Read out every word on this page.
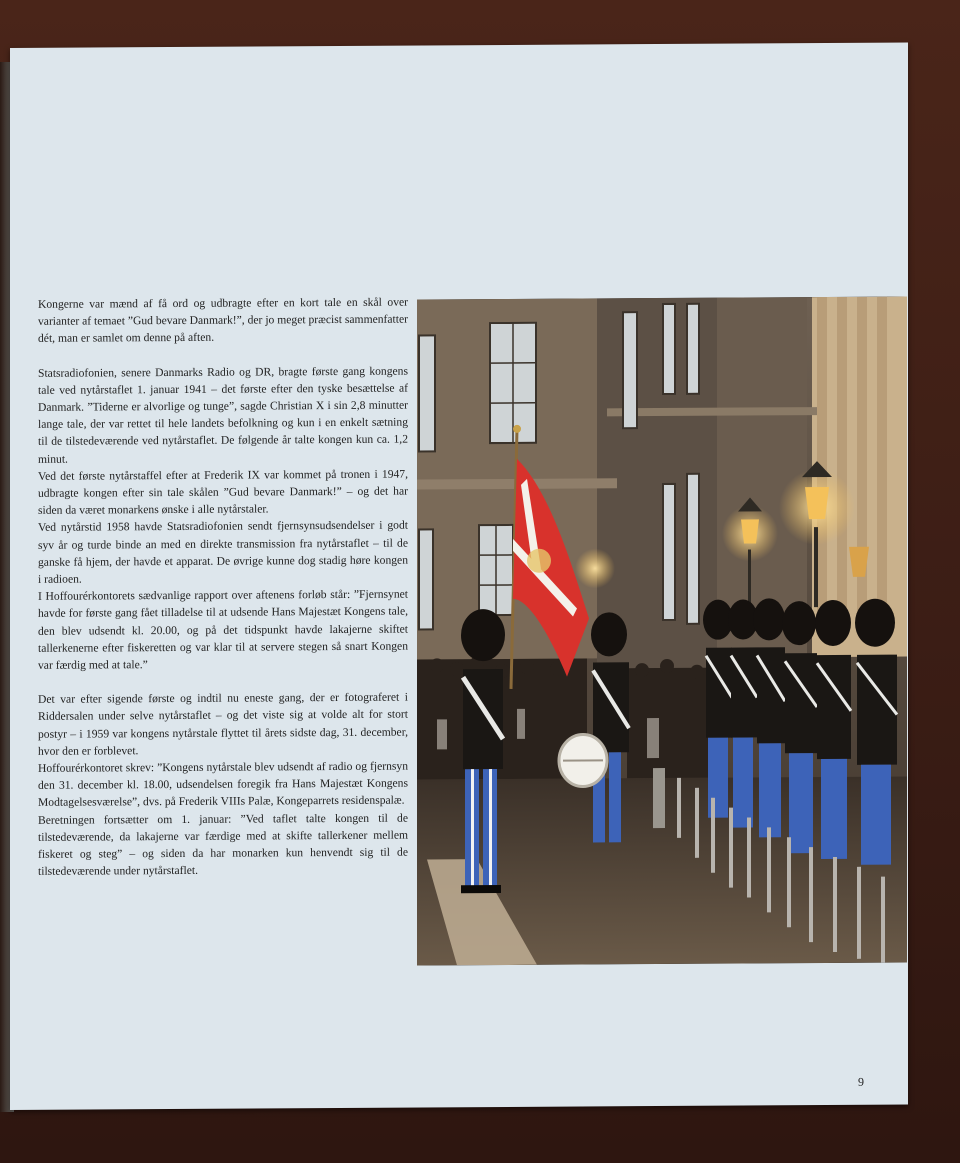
Kongerne var mænd af få ord og udbragte efter en kort tale en skål over varianter af temaet ”Gud bevare Danmark!”, der jo meget præcist sammenfatter dét, man er samlet om denne på aften.

Statsradiofonien, senere Danmarks Radio og DR, bragte første gang kongens tale ved nytårstaflet 1. januar 1941 – det første efter den tyske besættelse af Danmark. ”Tiderne er alvorlige og tunge”, sagde Christian X i sin 2,8 minutter lange tale, der var rettet til hele landets befolkning og kun i en enkelt sætning til de tilstedeværende ved nytårstaflet. De følgende år talte kongen kun ca. 1,2 minut.

Ved det første nytårstaffel efter at Frederik IX var kommet på tronen i 1947, udbragte kongen efter sin tale skålen ”Gud bevare Danmark!” – og det har siden da været monarkens ønske i alle nytårstaler.

Ved nytårstid 1958 havde Statsradiofonien sendt fjernsynsudsendelser i godt syv år og turde binde an med en direkte transmission fra nytårstaflet – til de ganske få hjem, der havde et apparat. De øvrige kunne dog stadig høre kongen i radioen.

I Hoffourérkontorets sædvanlige rapport over aftenens forløb står: ”Fjernsynet havde for første gang fået tilladelse til at udsende Hans Majestæt Kongens tale, den blev udsendt kl. 20.00, og på det tidspunkt havde lakajerne skiftet tallerkenerne efter fiskeretten og var klar til at servere stegen så snart Kongen var færdig med at tale.”

Det var efter sigende første og indtil nu eneste gang, der er fotograferet i Riddersalen under selve nytårstaflet – og det viste sig at volde alt for stort postyr – i 1959 var kongens nytårstale flyttet til årets sidste dag, 31. december, hvor den er forblevet.

Hoffourérkontoret skrev: ”Kongens nytårstale blev udsendt af radio og fjernsyn den 31. december kl. 18.00, udsendelsen foregik fra Hans Majestæt Kongens Modtagelsesværelse”, dvs. på Frederik VIIIs Palæ, Kongeparrets residenspalæ.

Beretningen fortsætter om 1. januar: ”Ved taflet talte kongen til de tilstedeværende, da lakajerne var færdige med at skifte tallerkener mellem fiskeret og steg” – og siden da har monarken kun henvendt sig til de tilstedeværende under nytårstaflet.

9
